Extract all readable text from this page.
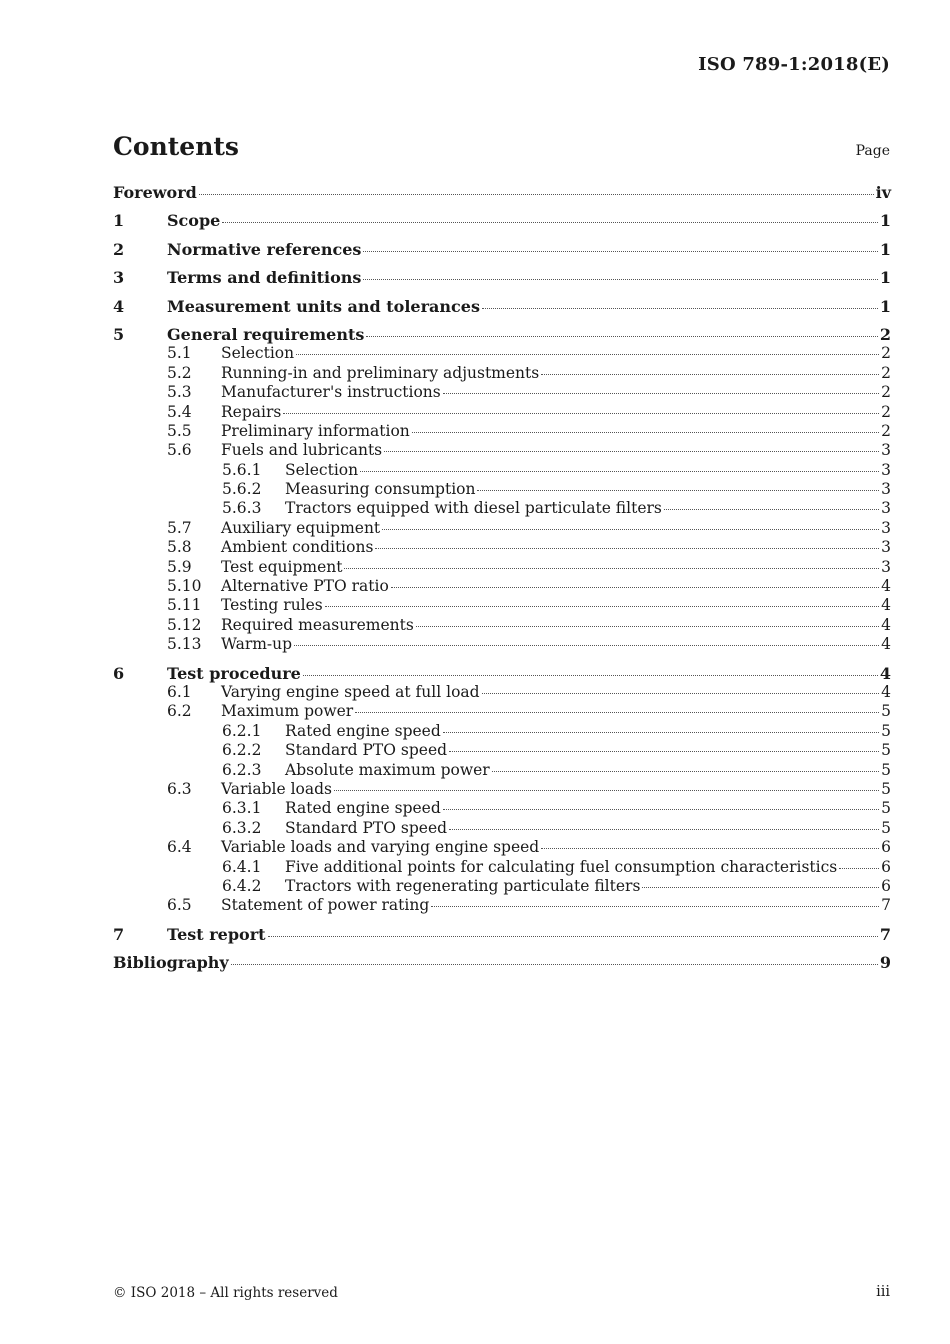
ISO 789-1:2018(E)
Contents	Page
Foreword	iv
1	Scope	1
2	Normative references	1
3	Terms and definitions	1
4	Measurement units and tolerances	1
5	General requirements	2
5.1	Selection	2
5.2	Running-in and preliminary adjustments	2
5.3	Manufacturer's instructions	2
5.4	Repairs	2
5.5	Preliminary information	2
5.6	Fuels and lubricants	3
5.6.1	Selection	3
5.6.2	Measuring consumption	3
5.6.3	Tractors equipped with diesel particulate filters	3
5.7	Auxiliary equipment	3
5.8	Ambient conditions	3
5.9	Test equipment	3
5.10	Alternative PTO ratio	4
5.11	Testing rules	4
5.12	Required measurements	4
5.13	Warm-up	4
6	Test procedure	4
6.1	Varying engine speed at full load	4
6.2	Maximum power	5
6.2.1	Rated engine speed	5
6.2.2	Standard PTO speed	5
6.2.3	Absolute maximum power	5
6.3	Variable loads	5
6.3.1	Rated engine speed	5
6.3.2	Standard PTO speed	5
6.4	Variable loads and varying engine speed	6
6.4.1	Five additional points for calculating fuel consumption characteristics	6
6.4.2	Tractors with regenerating particulate filters	6
6.5	Statement of power rating	7
7	Test report	7
Bibliography	9
© ISO 2018 – All rights reserved	iii
